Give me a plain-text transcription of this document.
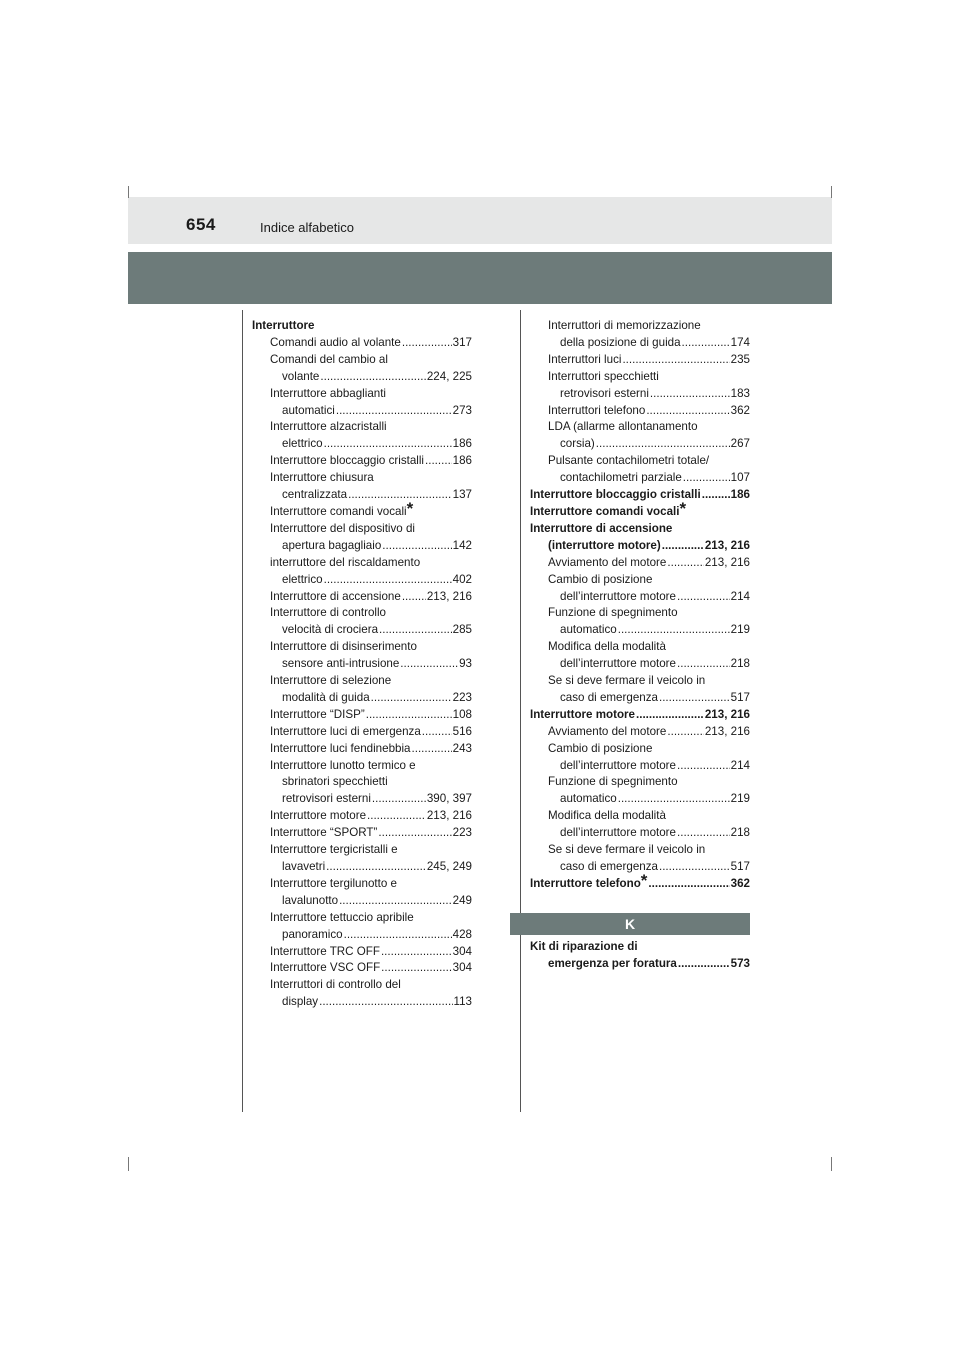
654	Indice alfabetico
Interruttore
Comandi audio al volante .....	317
Comandi del cambio al
volante .....	224, 225
Interruttore abbaglianti
automatici .....	273
Interruttore alzacristalli
elettrico .....	186
Interruttore bloccaggio cristalli ..... 186
Interruttore chiusura
centralizzata .....	137
Interruttore comandi vocali*
Interruttore del dispositivo di
apertura bagagliaio .....	142
interruttore del riscaldamento
elettrico .....	402
Interruttore di accensione ..... 213, 216
Interruttore di controllo
velocità di crociera .....	285
Interruttore di disinserimento
sensore anti-intrusione .....	93
Interruttore di selezione
modalità di guida .....	223
Interruttore “DISP” .....	108
Interruttore luci di emergenza .....	516
Interruttore luci fendinebbia .....	243
Interruttore lunotto termico e
sbrinatori specchietti
retrovisori esterni .....	390, 397
Interruttore motore .....	213, 216
Interruttore “SPORT” .....	223
Interruttore tergicristalli e
lavavetri .....	245, 249
Interruttore tergilunotto e
lavalunotto .....	249
Interruttore tettuccio apribile
panoramico .....	428
Interruttore TRC OFF .....	304
Interruttore VSC OFF .....	304
Interruttori di controllo del
display .....	113
Interruttori di memorizzazione
della posizione di guida .....	174
Interruttori luci .....	235
Interruttori specchietti
retrovisori esterni .....	183
Interruttori telefono .....	362
LDA (allarme allontanamento
corsia) .....	267
Pulsante contachilometri totale/
contachilometri parziale .....	107
Interruttore bloccaggio cristalli .....	186
Interruttore comandi vocali*
Interruttore di accensione
(interruttore motore) .....	213, 216
Avviamento del motore .....	213, 216
Cambio di posizione
dell’interruttore motore .....	214
Funzione di spegnimento
automatico .....	219
Modifica della modalità
dell’interruttore motore .....	218
Se si deve fermare il veicolo in
caso di emergenza .....	517
Interruttore motore .....	213, 216
Avviamento del motore .....	213, 216
Cambio di posizione
dell’interruttore motore .....	214
Funzione di spegnimento
automatico .....	219
Modifica della modalità
dell’interruttore motore .....	218
Se si deve fermare il veicolo in
caso di emergenza .....	517
Interruttore telefono* .....	362
K
Kit di riparazione di
emergenza per foratura .....	573
